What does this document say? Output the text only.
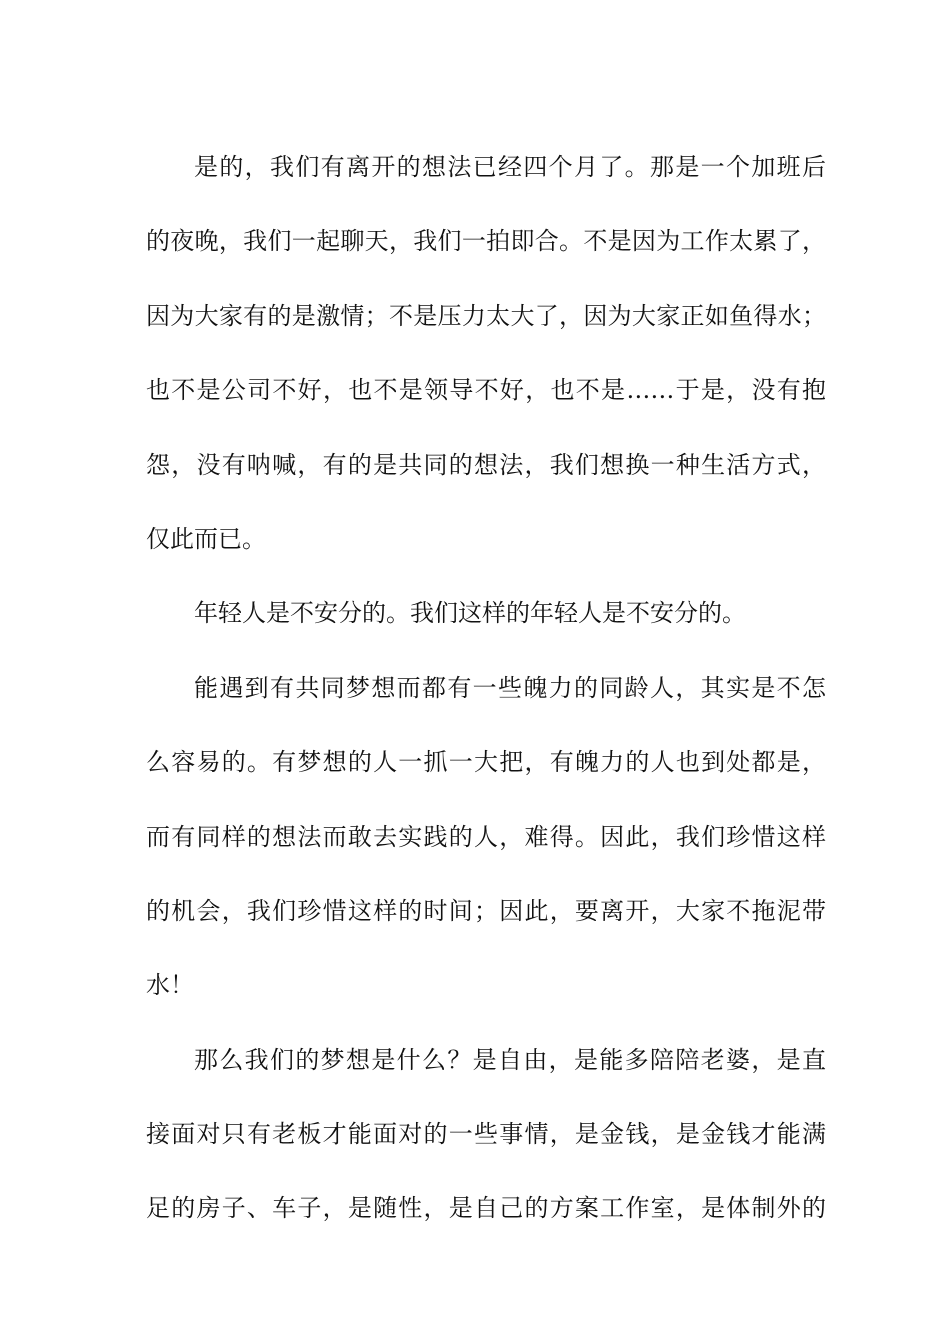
是的，我们有离开的想法已经四个月了。那是一个加班后
的夜晚，我们一起聊天，我们一拍即合。不是因为工作太累了，
因为大家有的是激情；不是压力太大了，因为大家正如鱼得水；
也不是公司不好，也不是领导不好，也不是……于是，没有抱
怨，没有呐喊，有的是共同的想法，我们想换一种生活方式，
仅此而已。
年轻人是不安分的。我们这样的年轻人是不安分的。
能遇到有共同梦想而都有一些魄力的同龄人，其实是不怎
么容易的。有梦想的人一抓一大把，有魄力的人也到处都是，
而有同样的想法而敢去实践的人，难得。因此，我们珍惜这样
的机会，我们珍惜这样的时间；因此，要离开，大家不拖泥带
水！
那么我们的梦想是什么？是自由，是能多陪陪老婆，是直
接面对只有老板才能面对的一些事情，是金钱，是金钱才能满
足的房子、车子，是随性，是自己的方案工作室，是体制外的
